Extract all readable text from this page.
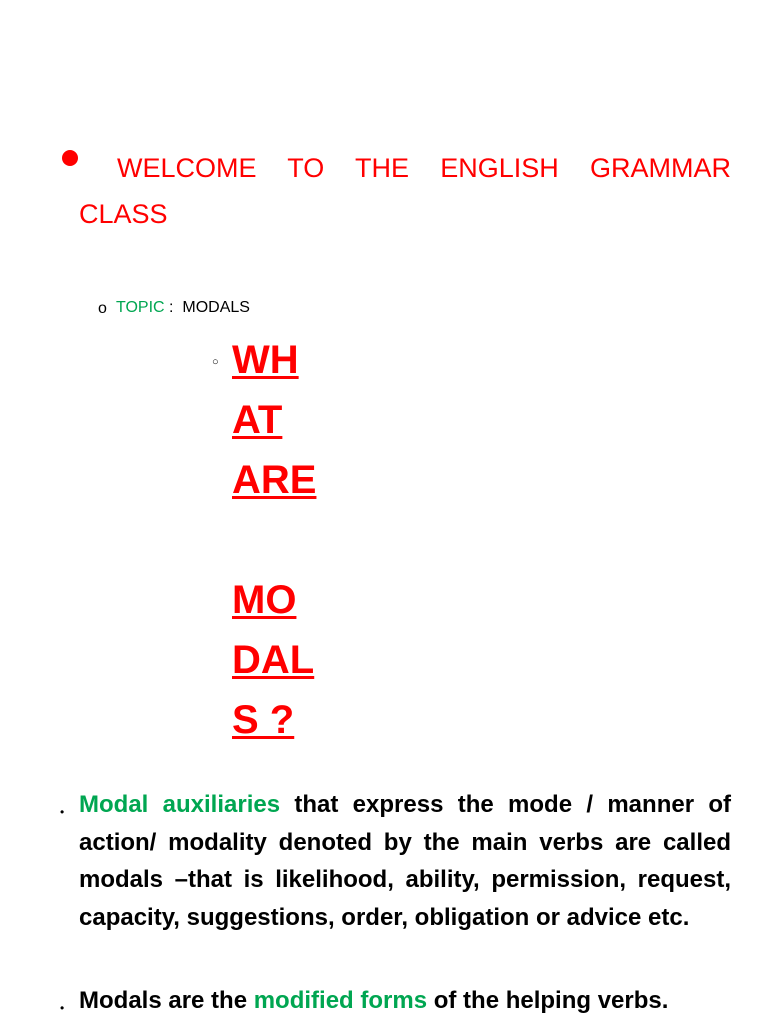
WELCOME TO THE ENGLISH GRAMMAR CLASS
o TOPIC :  MODALS
○ WH
AT
ARE
MO
DAL
S ?
• Modal auxiliaries that express the mode / manner of action/ modality denoted by the main verbs are called modals –that is likelihood, ability, permission, request, capacity, suggestions, order, obligation or advice etc.

• Modals are the modified forms of the helping verbs.
